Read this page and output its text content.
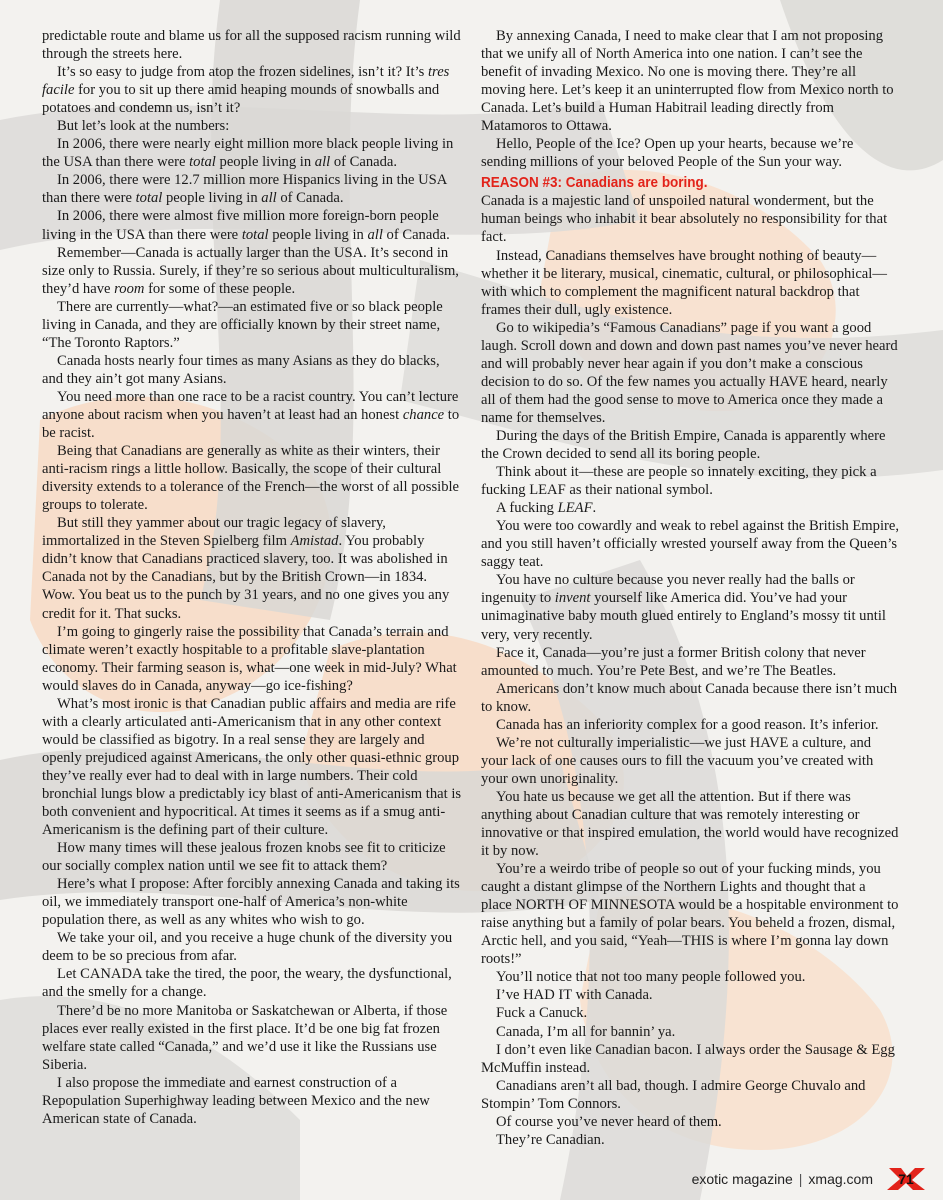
predictable route and blame us for all the supposed racism running wild through the streets here.

It’s so easy to judge from atop the frozen sidelines, isn’t it? It’s tres facile for you to sit up there amid heaping mounds of snowballs and potatoes and condemn us, isn’t it?

But let’s look at the numbers:

In 2006, there were nearly eight million more black people living in the USA than there were total people living in all of Canada.

In 2006, there were 12.7 million more Hispanics living in the USA than there were total people living in all of Canada.

In 2006, there were almost five million more foreign-born people living in the USA than there were total people living in all of Canada.

Remember—Canada is actually larger than the USA. It’s second in size only to Russia. Surely, if they’re so serious about multiculturalism, they’d have room for some of these people.

There are currently—what?—an estimated five or so black people living in Canada, and they are officially known by their street name, “The Toronto Raptors.”

Canada hosts nearly four times as many Asians as they do blacks, and they ain’t got many Asians.

You need more than one race to be a racist country. You can’t lecture anyone about racism when you haven’t at least had an honest chance to be racist.

Being that Canadians are generally as white as their winters, their anti-racism rings a little hollow. Basically, the scope of their cultural diversity extends to a tolerance of the French—the worst of all possible groups to tolerate.

But still they yammer about our tragic legacy of slavery, immortalized in the Steven Spielberg film Amistad. You probably didn’t know that Canadians practiced slavery, too. It was abolished in Canada not by the Canadians, but by the British Crown—in 1834. Wow. You beat us to the punch by 31 years, and no one gives you any credit for it. That sucks.

I’m going to gingerly raise the possibility that Canada’s terrain and climate weren’t exactly hospitable to a profitable slave-plantation economy. Their farming season is, what—one week in mid-July? What would slaves do in Canada, anyway—go ice-fishing?

What’s most ironic is that Canadian public affairs and media are rife with a clearly articulated anti-Americanism that in any other context would be classified as bigotry. In a real sense they are largely and openly prejudiced against Americans, the only other quasi-ethnic group they’ve really ever had to deal with in large numbers. Their cold bronchial lungs blow a predictably icy blast of anti-Americanism that is both convenient and hypocritical. At times it seems as if a smug anti-Americanism is the defining part of their culture.

How many times will these jealous frozen knobs see fit to criticize our socially complex nation until we see fit to attack them?

Here’s what I propose: After forcibly annexing Canada and taking its oil, we immediately transport one-half of America’s non-white population there, as well as any whites who wish to go.

We take your oil, and you receive a huge chunk of the diversity you deem to be so precious from afar.

Let CANADA take the tired, the poor, the weary, the dysfunctional, and the smelly for a change.

There’d be no more Manitoba or Saskatchewan or Alberta, if those places ever really existed in the first place. It’d be one big fat frozen welfare state called “Canada,” and we’d use it like the Russians use Siberia.

I also propose the immediate and earnest construction of a Repopulation Superhighway leading between Mexico and the new American state of Canada.

By annexing Canada, I need to make clear that I am not proposing that we unify all of North America into one nation. I can’t see the benefit of invading Mexico. No one is moving there. They’re all moving here. Let’s keep it an uninterrupted flow from Mexico north to Canada. Let’s build a Human Habitrail leading directly from Matamoros to Ottawa.

Hello, People of the Ice? Open up your hearts, because we’re sending millions of your beloved People of the Sun your way.

REASON #3: Canadians are boring.

Canada is a majestic land of unspoiled natural wonderment, but the human beings who inhabit it bear absolutely no responsibility for that fact.

Instead, Canadians themselves have brought nothing of beauty—whether it be literary, musical, cinematic, cultural, or philosophical—with which to complement the magnificent natural backdrop that frames their dull, ugly existence.

Go to wikipedia’s “Famous Canadians” page if you want a good laugh. Scroll down and down and down past names you’ve never heard and will probably never hear again if you don’t make a conscious decision to do so. Of the few names you actually HAVE heard, nearly all of them had the good sense to move to America once they made a name for themselves.

During the days of the British Empire, Canada is apparently where the Crown decided to send all its boring people.

Think about it—these are people so innately exciting, they pick a fucking LEAF as their national symbol.

A fucking LEAF.

You were too cowardly and weak to rebel against the British Empire, and you still haven’t officially wrested yourself away from the Queen’s saggy teat.

You have no culture because you never really had the balls or ingenuity to invent yourself like America did. You’ve had your unimaginative baby mouth glued entirely to England’s mossy tit until very, very recently.

Face it, Canada—you’re just a former British colony that never amounted to much. You’re Pete Best, and we’re The Beatles.

Americans don’t know much about Canada because there isn’t much to know.

Canada has an inferiority complex for a good reason. It’s inferior.

We’re not culturally imperialistic—we just HAVE a culture, and your lack of one causes ours to fill the vacuum you’ve created with your own unoriginality.

You hate us because we get all the attention. But if there was anything about Canadian culture that was remotely interesting or innovative or that inspired emulation, the world would have recognized it by now.

You’re a weirdo tribe of people so out of your fucking minds, you caught a distant glimpse of the Northern Lights and thought that a place NORTH OF MINNESOTA would be a hospitable environment to raise anything but a family of polar bears. You beheld a frozen, dismal, Arctic hell, and you said, “Yeah—THIS is where I’m gonna lay down roots!”

You’ll notice that not too many people followed you.

I’ve HAD IT with Canada.

Fuck a Canuck.

Canada, I’m all for bannin’ ya.

I don’t even like Canadian bacon. I always order the Sausage & Egg McMuffin instead.

Canadians aren’t all bad, though. I admire George Chuvalo and Stompin’ Tom Connors.

Of course you’ve never heard of them.

They’re Canadian.

exotic magazine | xmag.com 71
